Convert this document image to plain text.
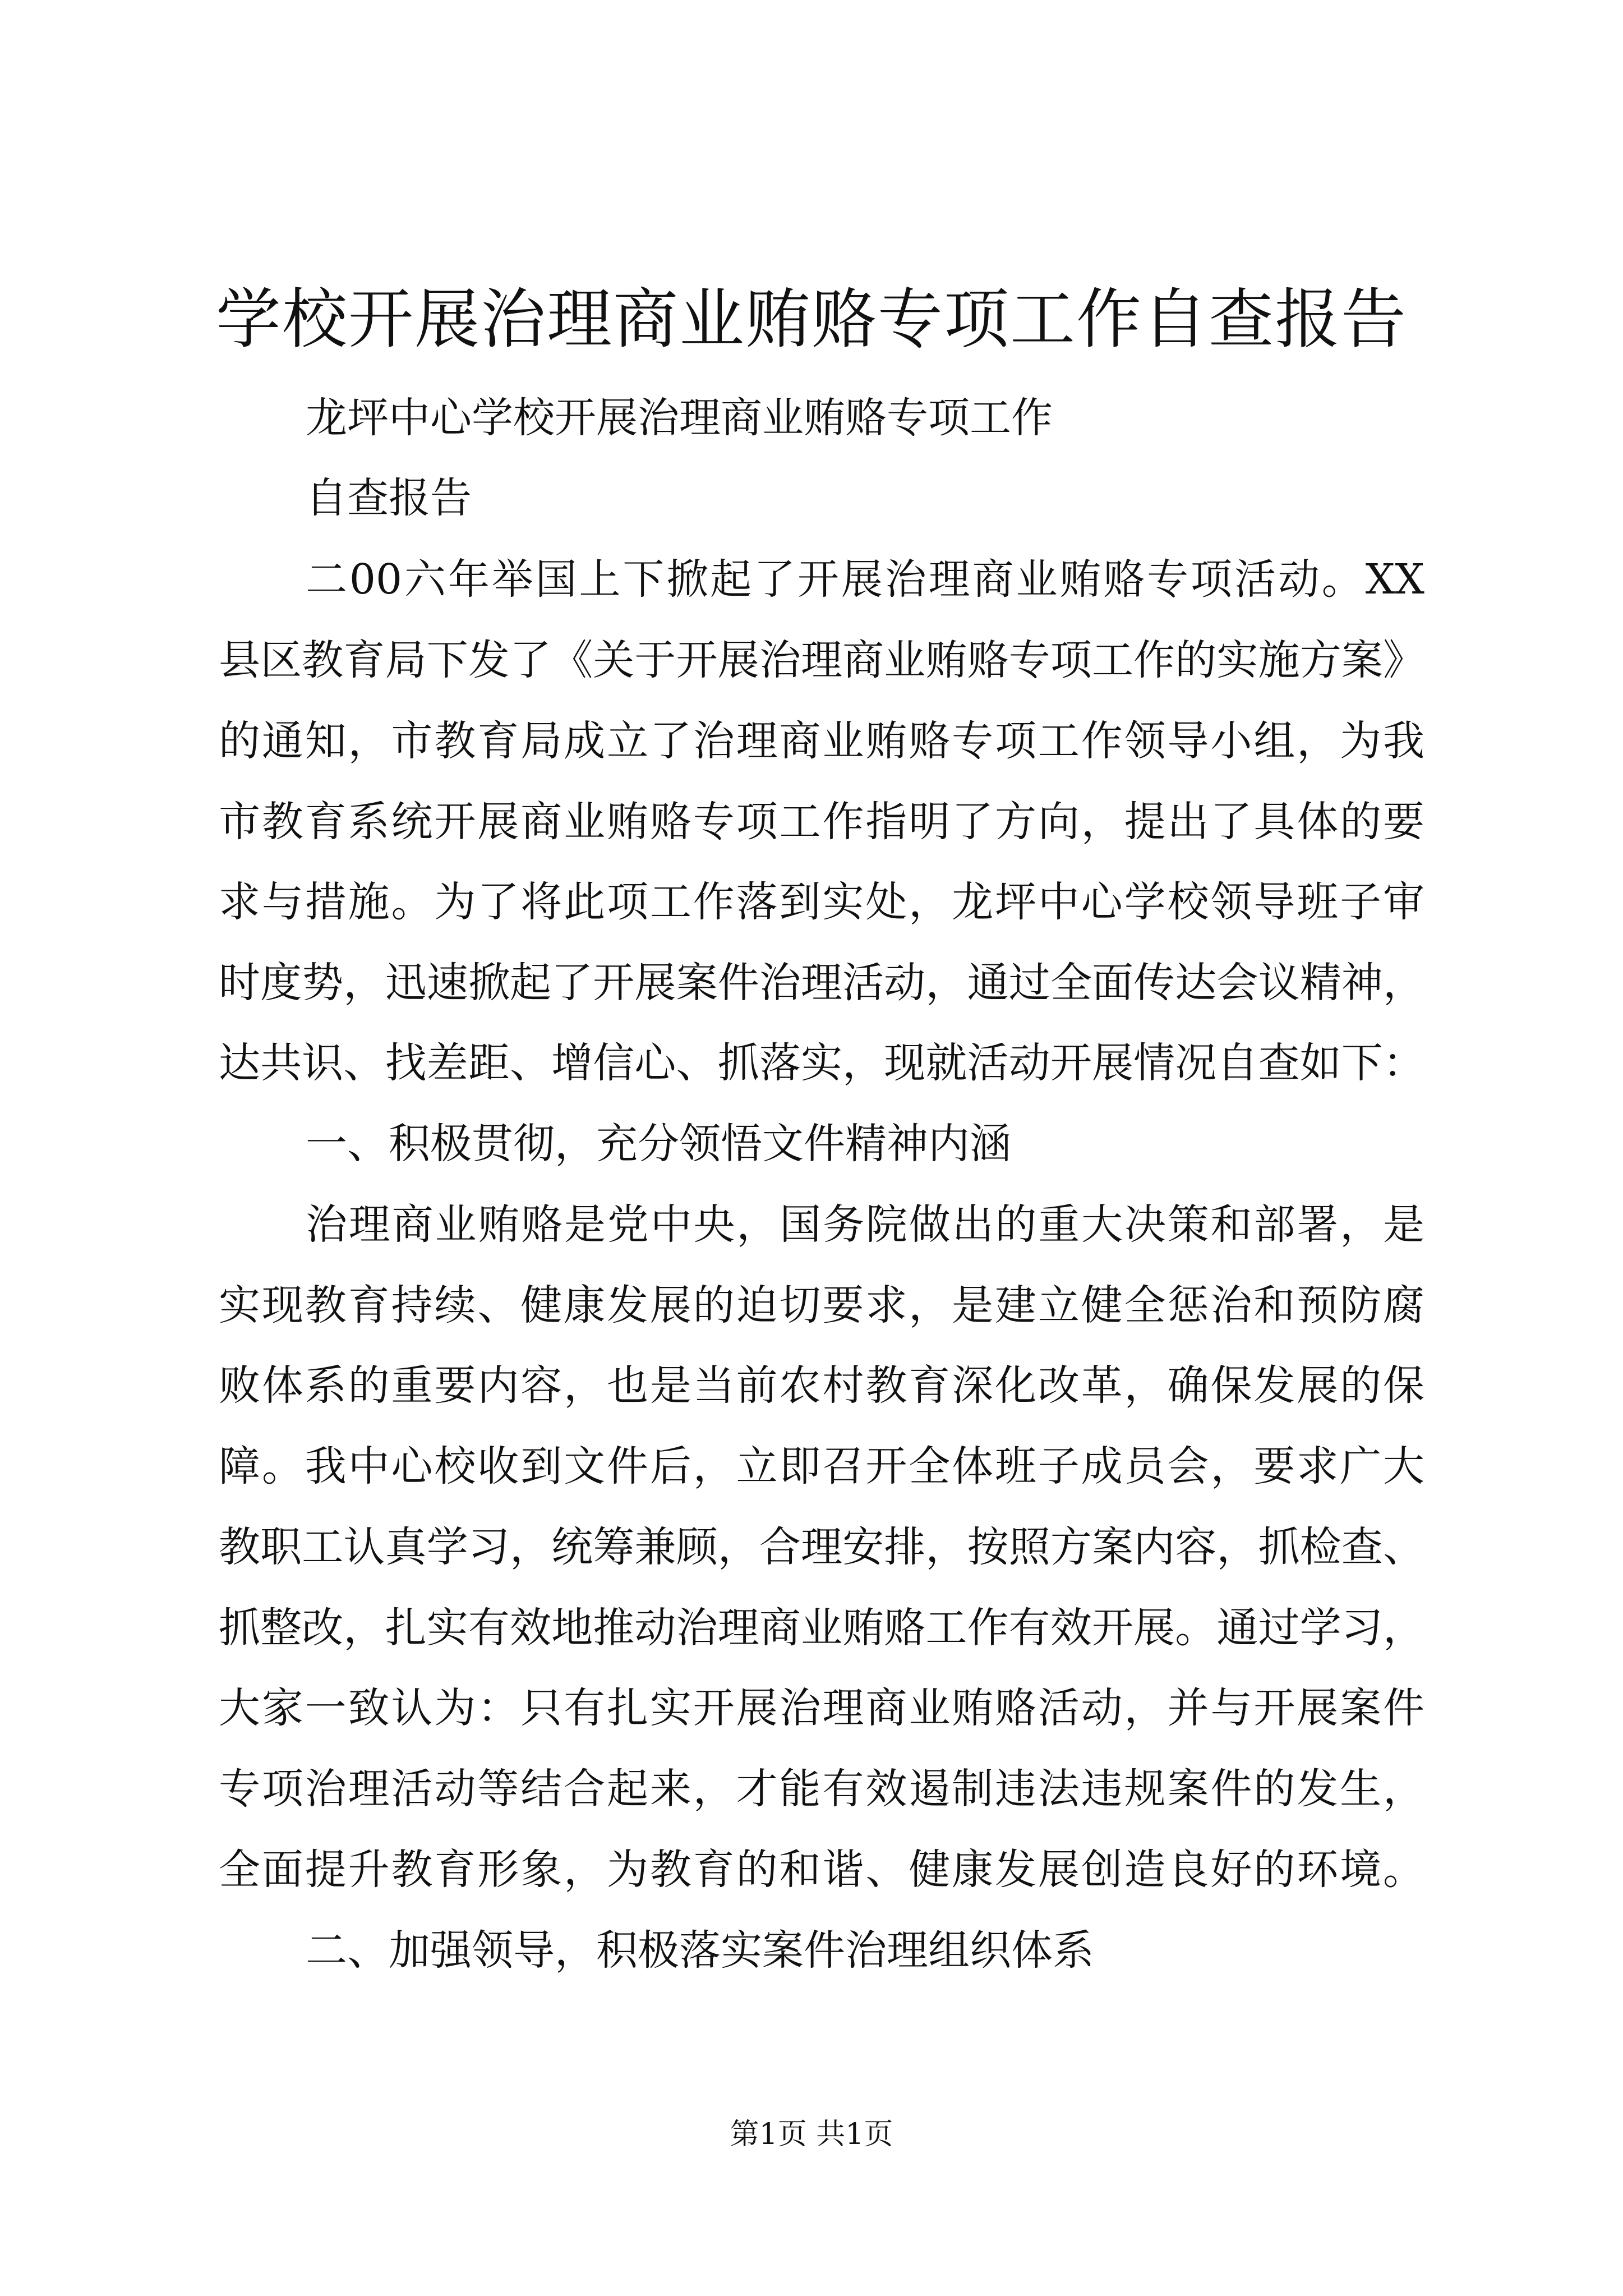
学校开展治理商业贿赂专项工作自查报告

龙坪中心学校开展治理商业贿赂专项工作

自查报告

二00六年举国上下掀起了开展治理商业贿赂专项活动。XX

县区教育局下发了《关于开展治理商业贿赂专项工作的实施方案》

的通知，市教育局成立了治理商业贿赂专项工作领导小组，为我

市教育系统开展商业贿赂专项工作指明了方向，提出了具体的要

求与措施。为了将此项工作落到实处，龙坪中心学校领导班子审

时度势，迅速掀起了开展案件治理活动，通过全面传达会议精神，

达共识、找差距、增信心、抓落实，现就活动开展情况自查如下：

一、积极贯彻，充分领悟文件精神内涵

治理商业贿赂是党中央，国务院做出的重大决策和部署，是

实现教育持续、健康发展的迫切要求，是建立健全惩治和预防腐

败体系的重要内容，也是当前农村教育深化改革，确保发展的保

障。我中心校收到文件后，立即召开全体班子成员会，要求广大

教职工认真学习，统筹兼顾，合理安排，按照方案内容，抓检查、

抓整改，扎实有效地推动治理商业贿赂工作有效开展。通过学习，

大家一致认为：只有扎实开展治理商业贿赂活动，并与开展案件

专项治理活动等结合起来，才能有效遏制违法违规案件的发生，

全面提升教育形象，为教育的和谐、健康发展创造良好的环境。

二、加强领导，积极落实案件治理组织体系

第1页 共1页
